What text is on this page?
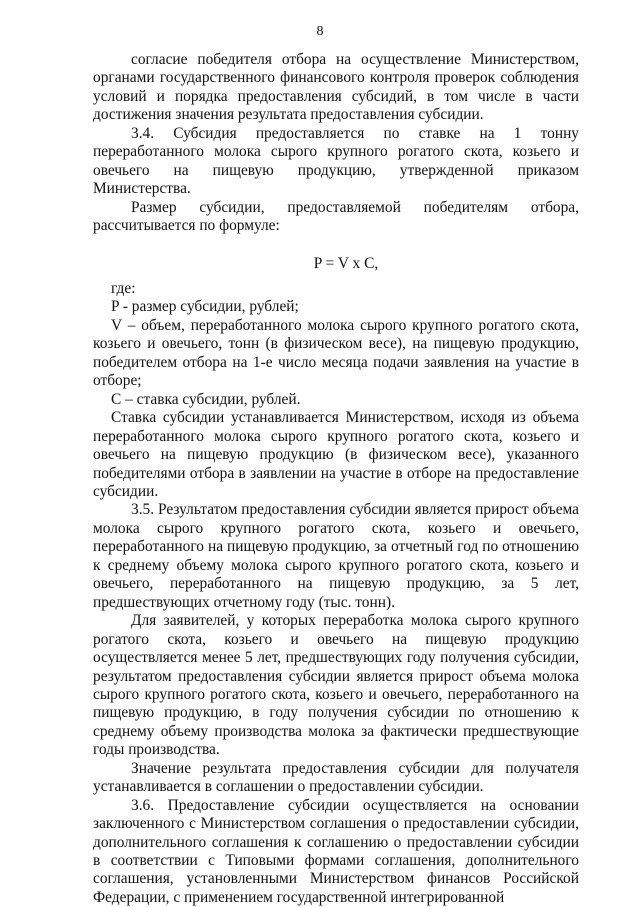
8

согласие победителя отбора на осуществление Министерством, органами государственного финансового контроля проверок соблюдения условий и порядка предоставления субсидий, в том числе в части достижения значения результата предоставления субсидии.

3.4. Субсидия предоставляется по ставке на 1 тонну переработанного молока сырого крупного рогатого скота, козьего и овечьего на пищевую продукцию, утвержденной приказом Министерства.

Размер субсидии, предоставляемой победителям отбора, рассчитывается по формуле:

P = V x C,

где:

P - размер субсидии, рублей;

V – объем, переработанного молока сырого крупного рогатого скота, козьего и овечьего, тонн (в физическом весе), на пищевую продукцию, победителем отбора на 1-е число месяца подачи заявления на участие в отборе;

C – ставка субсидии, рублей.

Ставка субсидии устанавливается Министерством, исходя из объема переработанного молока сырого крупного рогатого скота, козьего и овечьего на пищевую продукцию (в физическом весе), указанного победителями отбора в заявлении на участие в отборе на предоставление субсидии.

3.5. Результатом предоставления субсидии является прирост объема молока сырого крупного рогатого скота, козьего и овечьего, переработанного на пищевую продукцию, за отчетный год по отношению к среднему объему молока сырого крупного рогатого скота, козьего и овечьего, переработанного на пищевую продукцию, за 5 лет, предшествующих отчетному году (тыс. тонн).

Для заявителей, у которых переработка молока сырого крупного рогатого скота, козьего и овечьего на пищевую продукцию осуществляется менее 5 лет, предшествующих году получения субсидии, результатом предоставления субсидии является прирост объема молока сырого крупного рогатого скота, козьего и овечьего, переработанного на пищевую продукцию, в году получения субсидии по отношению к среднему объему производства молока за фактически предшествующие годы производства.

Значение результата предоставления субсидии для получателя устанавливается в соглашении о предоставлении субсидии.

3.6. Предоставление субсидии осуществляется на основании заключенного с Министерством соглашения о предоставлении субсидии, дополнительного соглашения к соглашению о предоставлении субсидии в соответствии с Типовыми формами соглашения, дополнительного соглашения, установленными Министерством финансов Российской Федерации, с применением государственной интегрированной
